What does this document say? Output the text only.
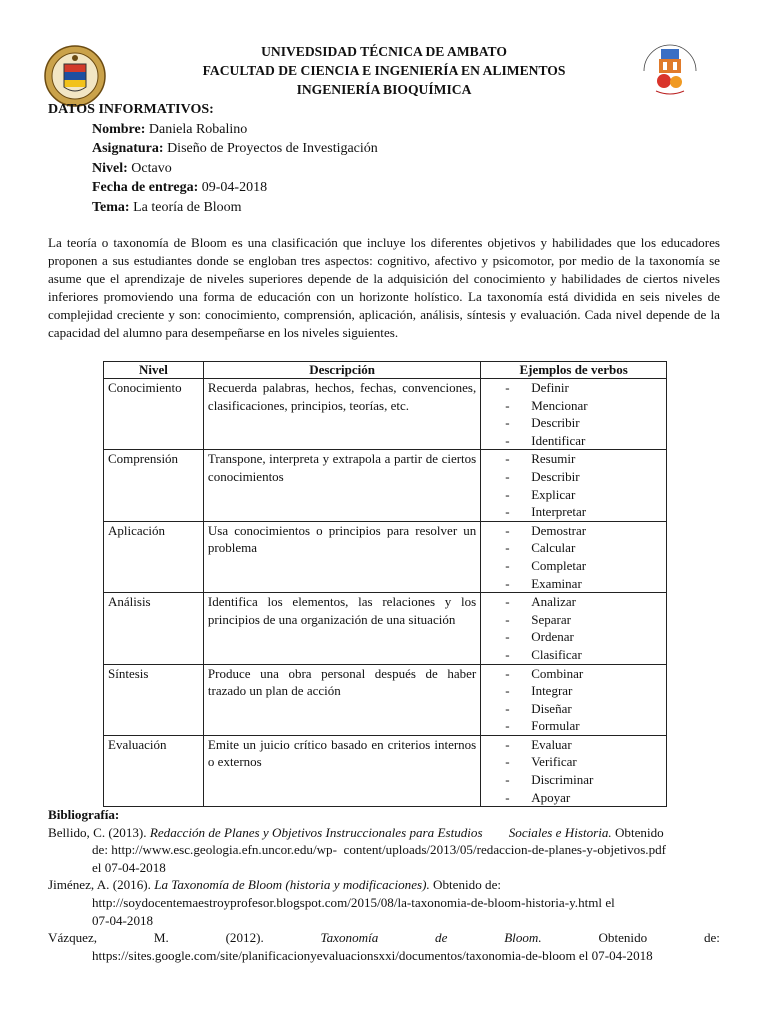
UNIVEDSIDAD TÉCNICA DE AMBATO
FACULTAD DE CIENCIA E INGENIERÍA EN ALIMENTOS
INGENIERÍA BIOQUÍMICA
DATOS INFORMATIVOS:
Nombre: Daniela Robalino
Asignatura: Diseño de Proyectos de Investigación
Nivel: Octavo
Fecha de entrega: 09-04-2018
Tema: La teoría de Bloom
La teoría o taxonomía de Bloom es una clasificación que incluye los diferentes objetivos y habilidades que los educadores proponen a sus estudiantes donde se engloban tres aspectos: cognitivo, afectivo y psicomotor, por medio de la taxonomía se asume que el aprendizaje de niveles superiores depende de la adquisición del conocimiento y habilidades de ciertos niveles inferiores promoviendo una forma de educación con un horizonte holístico. La taxonomía está dividida en seis niveles de complejidad creciente y son: conocimiento, comprensión, aplicación, análisis, síntesis y evaluación. Cada nivel depende de la capacidad del alumno para desempeñarse en los niveles siguientes.
Nivel	Descripción	Ejemplos de verbos
Conocimiento	Recuerda palabras, hechos, fechas, convenciones, clasificaciones, principios, teorías, etc.	- Definir
- Mencionar
- Describir
- Identificar

Comprensión	Transpone, interpreta y extrapola a partir de ciertos conocimientos	- Resumir
- Describir
- Explicar
- Interpretar

Aplicación	Usa conocimientos o principios para resolver un problema	- Demostrar
- Calcular
- Completar
- Examinar

Análisis	Identifica los elementos, las relaciones y los principios de una organización de una situación	- Analizar
- Separar
- Ordenar
- Clasificar

Síntesis	Produce una obra personal después de haber trazado un plan de acción	- Combinar
- Integrar
- Diseñar
- Formular

Evaluación	Emite un juicio crítico basado en criterios internos o externos	- Evaluar
- Verificar
- Discriminar
- Apoyar
Bibliografía:
Bellido, C. (2013). Redacción de Planes y Objetivos Instruccionales para Estudios        Sociales e Historia. Obtenido
de: http://www.esc.geologia.efn.uncor.edu/wp-  content/uploads/2013/05/redaccion-de-planes-y-objetivos.pdf
el 07-04-2018
Jiménez, A. (2016). La Taxonomía de Bloom (historia y modificaciones). Obtenido de:
http://soydocentemaestroyprofesor.blogspot.com/2015/08/la-taxonomia-de-bloom-historia-y.html el
07-04-2018
Vázquez,	M.	(2012).	Taxonomía	de	Bloom.	Obtenido	de:
https://sites.google.com/site/planificacionyevaluacionsxxi/documentos/taxonomia-de-bloom el 07-04-2018
